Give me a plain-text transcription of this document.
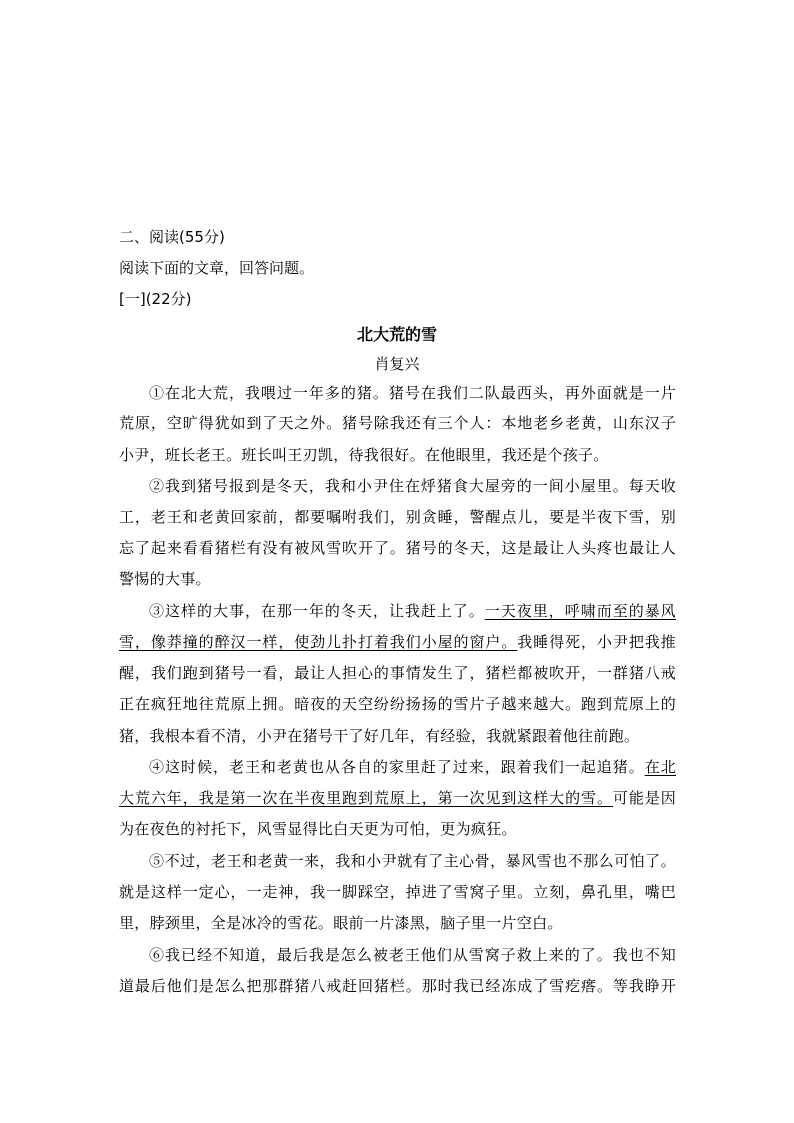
二、阅读(55分)
阅读下面的文章，回答问题。
[一](22分)
北大荒的雪
肖复兴
①在北大荒，我喂过一年多的猪。猪号在我们二队最西头，再外面就是一片
荒原，空旷得犹如到了天之外。猪号除我还有三个人：本地老乡老黄，山东汉子
小尹，班长老王。班长叫王刃凯，待我很好。在他眼里，我还是个孩子。
②我到猪号报到是冬天，我和小尹住在烀猪食大屋旁的一间小屋里。每天收
工，老王和老黄回家前，都要嘱咐我们，别贪睡，警醒点儿，要是半夜下雪，别
忘了起来看看猪栏有没有被风雪吹开了。猪号的冬天，这是最让人头疼也最让人
警惕的大事。
③这样的大事，在那一年的冬天，让我赶上了。一天夜里，呼啸而至的暴风
雪，像莽撞的醉汉一样，使劲儿扑打着我们小屋的窗户。我睡得死，小尹把我推
醒，我们跑到猪号一看，最让人担心的事情发生了，猪栏都被吹开，一群猪八戒
正在疯狂地往荒原上拥。暗夜的天空纷纷扬扬的雪片子越来越大。跑到荒原上的
猪，我根本看不清，小尹在猪号干了好几年，有经验，我就紧跟着他往前跑。
④这时候，老王和老黄也从各自的家里赶了过来，跟着我们一起追猪。在北
大荒六年，我是第一次在半夜里跑到荒原上，第一次见到这样大的雪。可能是因
为在夜色的衬托下，风雪显得比白天更为可怕，更为疯狂。
⑤不过，老王和老黄一来，我和小尹就有了主心骨，暴风雪也不那么可怕了。
就是这样一定心，一走神，我一脚踩空，掉进了雪窝子里。立刻，鼻孔里，嘴巴
里，脖颈里，全是冰冷的雪花。眼前一片漆黑，脑子里一片空白。
⑥我已经不知道，最后我是怎么被老王他们从雪窝子救上来的了。我也不知
道最后他们是怎么把那群猪八戒赶回猪栏。那时我已经冻成了雪疙瘩。等我睁开
